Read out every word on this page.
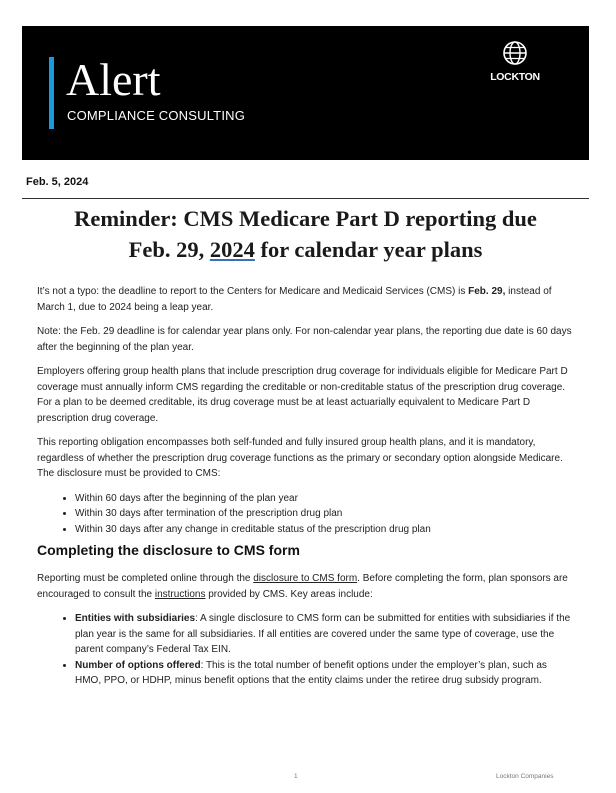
Alert
COMPLIANCE CONSULTING
LOCKTON
Feb. 5, 2024
Reminder: CMS Medicare Part D reporting due
Feb. 29, 2024 for calendar year plans

It’s not a typo: the deadline to report to the Centers for Medicare and Medicaid Services (CMS) is Feb. 29, instead of March 1, due to 2024 being a leap year.

Note: the Feb. 29 deadline is for calendar year plans only. For non-calendar year plans, the reporting due date is 60 days after the beginning of the plan year.

Employers offering group health plans that include prescription drug coverage for individuals eligible for Medicare Part D coverage must annually inform CMS regarding the creditable or non-creditable status of the prescription drug coverage. For a plan to be deemed creditable, its drug coverage must be at least actuarially equivalent to Medicare Part D prescription drug coverage.

This reporting obligation encompasses both self-funded and fully insured group health plans, and it is mandatory, regardless of whether the prescription drug coverage functions as the primary or secondary option alongside Medicare. The disclosure must be provided to CMS:

• Within 60 days after the beginning of the plan year
• Within 30 days after termination of the prescription drug plan
• Within 30 days after any change in creditable status of the prescription drug plan
Completing the disclosure to CMS form

Reporting must be completed online through the disclosure to CMS form. Before completing the form, plan sponsors are encouraged to consult the instructions provided by CMS. Key areas include:

• Entities with subsidiaries: A single disclosure to CMS form can be submitted for entities with subsidiaries if the plan year is the same for all subsidiaries. If all entities are covered under the same type of coverage, use the parent company’s Federal Tax EIN.
• Number of options offered: This is the total number of benefit options under the employer’s plan, such as HMO, PPO, or HDHP, minus benefit options that the entity claims under the retiree drug subsidy program.
1	Lockton Companies
